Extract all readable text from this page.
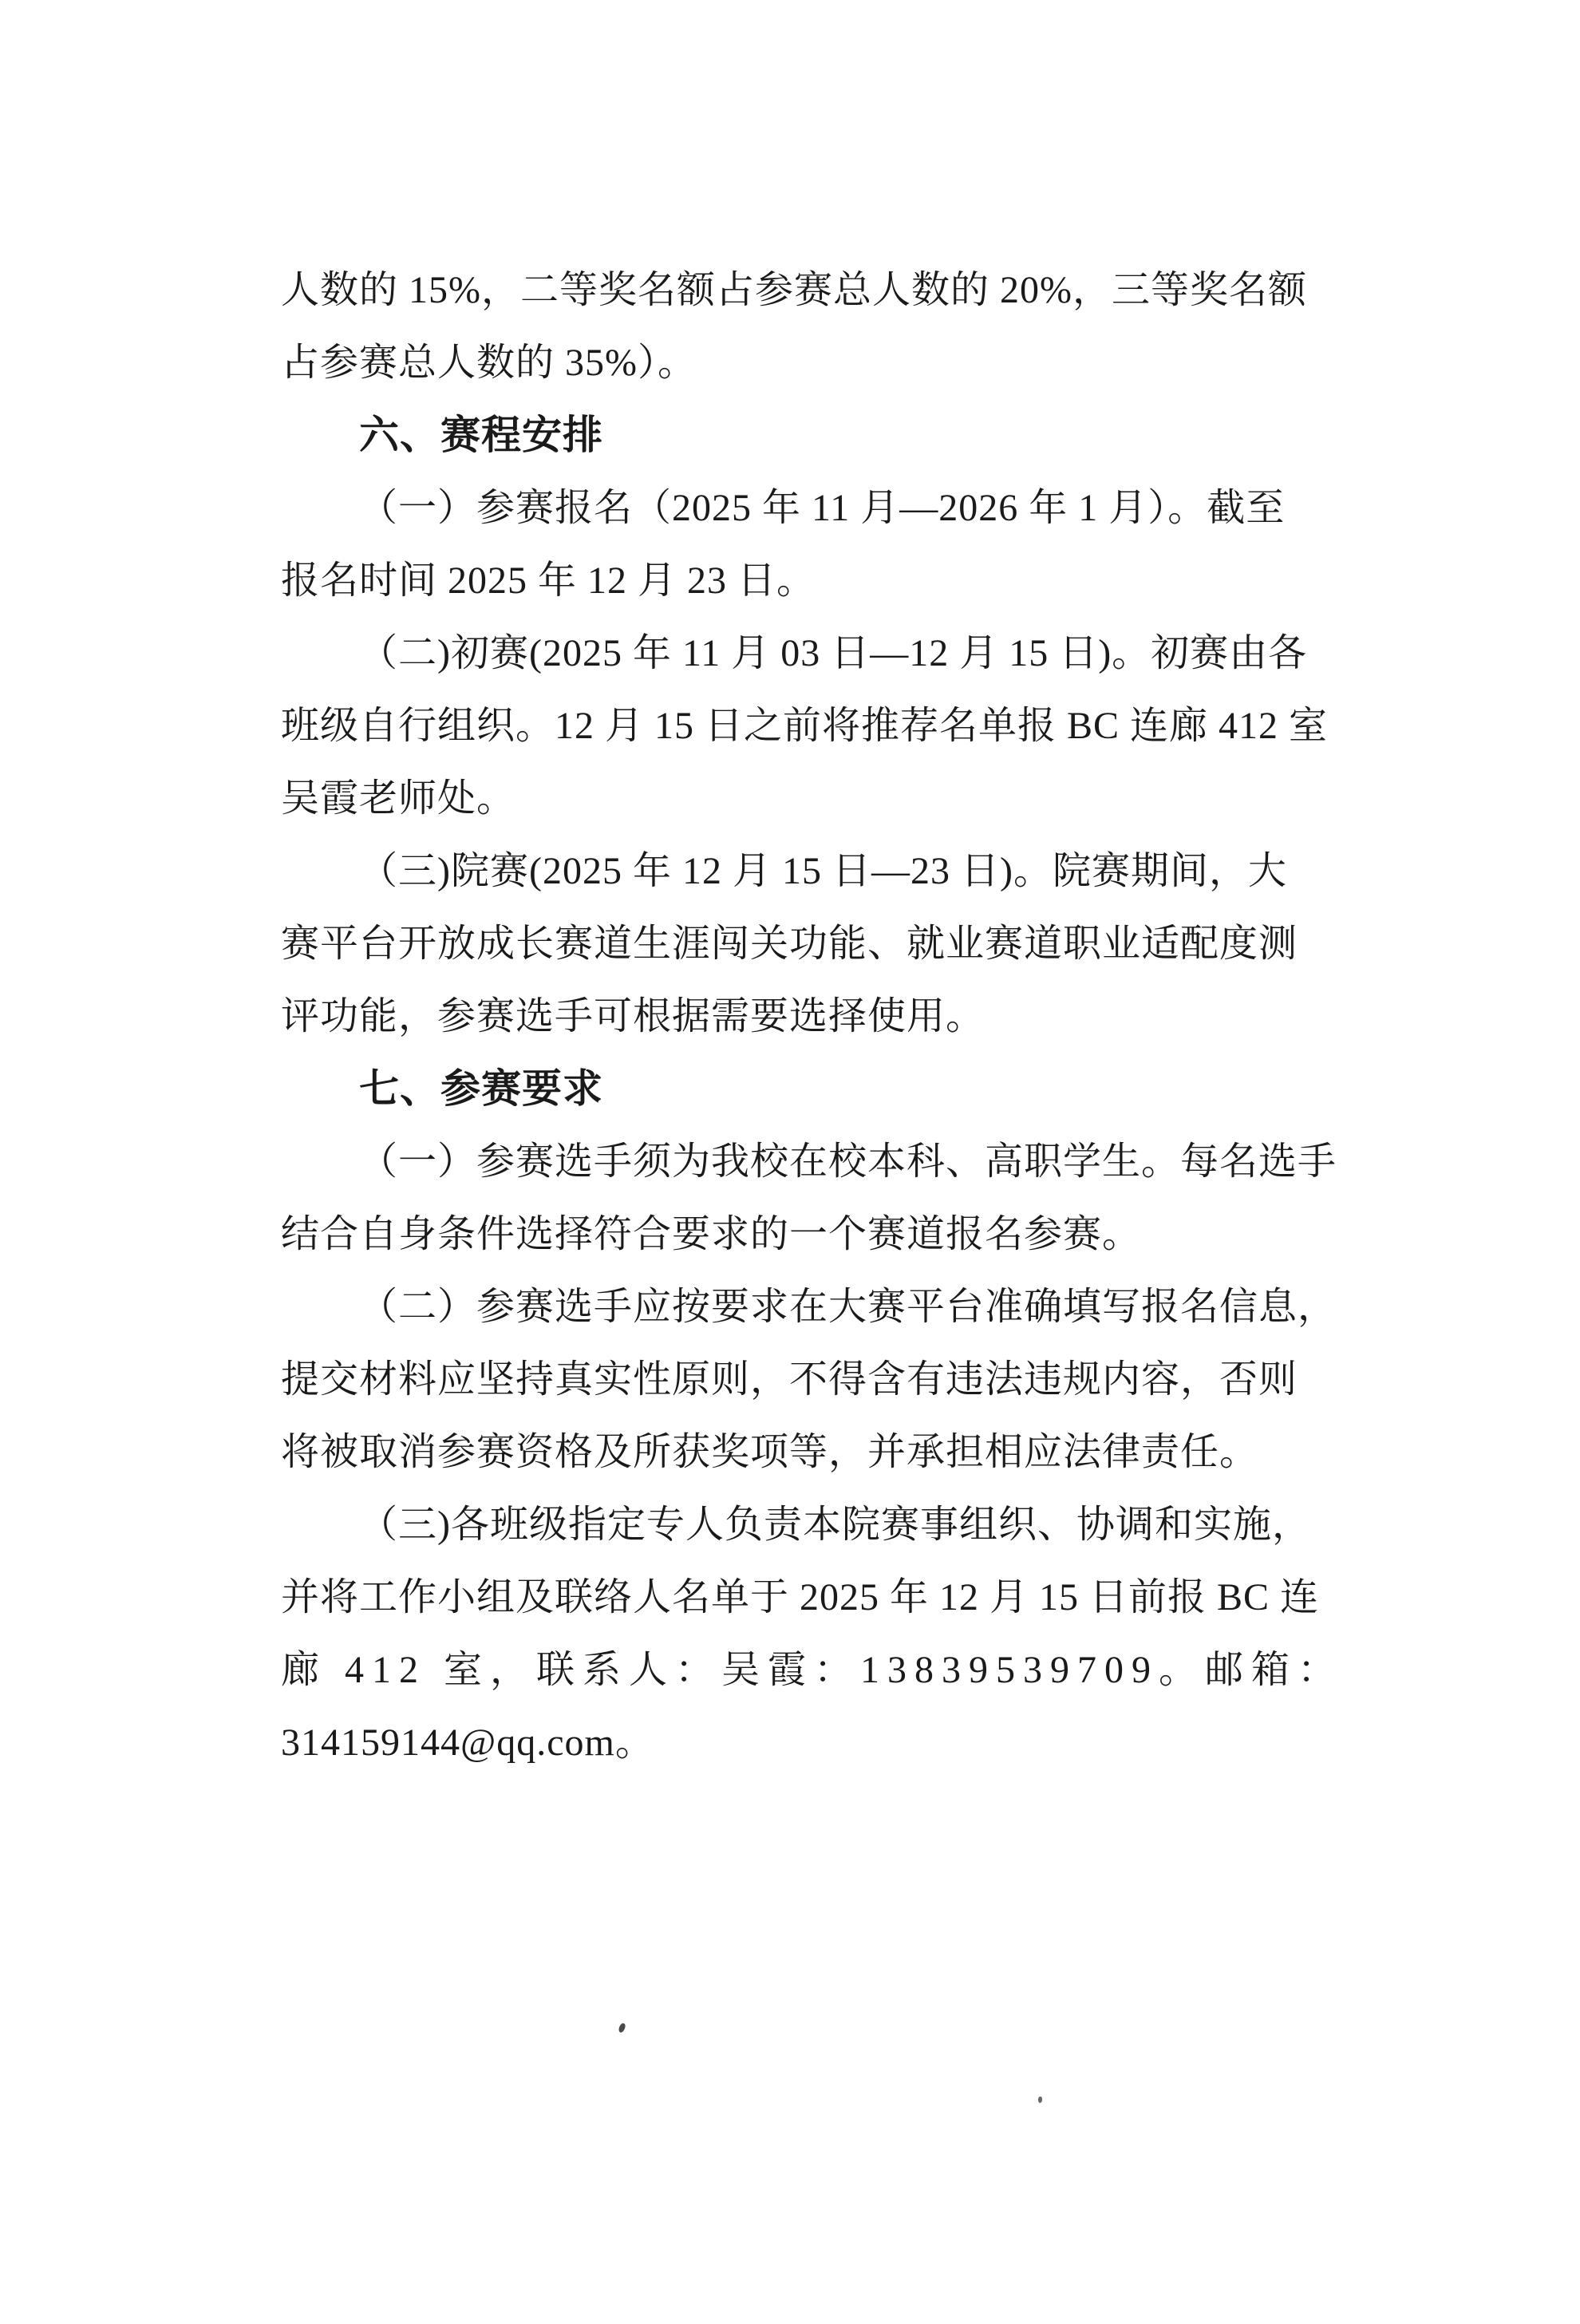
人数的 15%，二等奖名额占参赛总人数的 20%，三等奖名额
占参赛总人数的 35%）。
六、赛程安排
（一）参赛报名（2025 年 11 月—2026 年 1 月）。截至
报名时间 2025 年 12 月 23 日。
（二)初赛(2025 年 11 月 03 日—12 月 15 日)。初赛由各
班级自行组织。12 月 15 日之前将推荐名单报 BC 连廊 412 室
吴霞老师处。
（三)院赛(2025 年 12 月 15 日—23 日)。院赛期间，大
赛平台开放成长赛道生涯闯关功能、就业赛道职业适配度测
评功能，参赛选手可根据需要选择使用。
七、参赛要求
（一）参赛选手须为我校在校本科、高职学生。每名选手
结合自身条件选择符合要求的一个赛道报名参赛。
（二）参赛选手应按要求在大赛平台准确填写报名信息，
提交材料应坚持真实性原则，不得含有违法违规内容，否则
将被取消参赛资格及所获奖项等，并承担相应法律责任。
（三)各班级指定专人负责本院赛事组织、协调和实施，
并将工作小组及联络人名单于 2025 年 12 月 15 日前报 BC 连
廊 412 室，联系人：吴霞：13839539709。邮箱：
314159144@qq.com。
